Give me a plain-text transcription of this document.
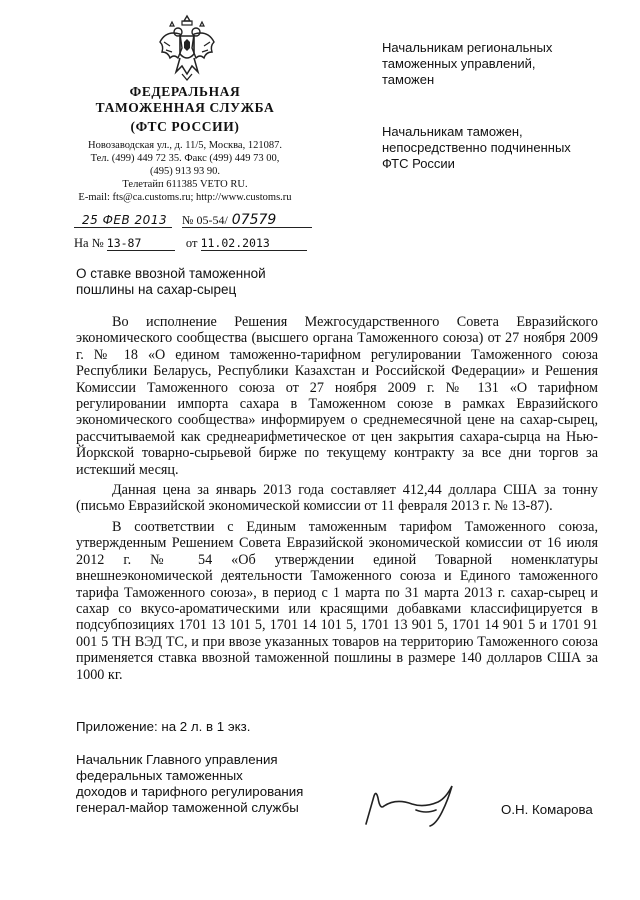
ФЕДЕРАЛЬНАЯ
ТАМОЖЕННАЯ СЛУЖБА
(ФТС РОССИИ)
Новозаводская ул., д. 11/5, Москва, 121087.
Тел. (499) 449 72 35. Факс (499) 449 73 00,
(495) 913 93 90.
Телетайп 611385 VETO RU.
E-mail: fts@ca.customs.ru; http://www.customs.ru
25 ФЕВ 2013	№ 05-54/ 07579
На № 13-87	от 11.02.2013
Начальникам региональных
таможенных управлений,
таможен
Начальникам таможен,
непосредственно подчиненных
ФТС России
О ставке ввозной таможенной
пошлины на сахар-сырец

Во исполнение Решения Межгосударственного Совета Евразийского экономического сообщества (высшего органа Таможенного союза) от 27 ноября 2009 г. № 18 «О едином таможенно-тарифном регулировании Таможенного союза Республики Беларусь, Республики Казахстан и Российской Федерации» и Решения Комиссии Таможенного союза от 27 ноября 2009 г. № 131 «О тарифном регулировании импорта сахара в Таможенном союзе в рамках Евразийского экономического сообщества» информируем о среднемесячной цене на сахар-сырец, рассчитываемой как среднеарифметическое от цен закрытия сахара-сырца на Нью-Йоркской товарно-сырьевой бирже по текущему контракту за все дни торгов за истекший месяц.

Данная цена за январь 2013 года составляет 412,44 доллара США за тонну (письмо Евразийской экономической комиссии от 11 февраля 2013 г. № 13-87).

В соответствии с Единым таможенным тарифом Таможенного союза, утвержденным Решением Совета Евразийской экономической комиссии от 16 июля 2012 г. № 54 «Об утверждении единой Товарной номенклатуры внешнеэкономической деятельности Таможенного союза и Единого таможенного тарифа Таможенного союза», в период с 1 марта по 31 марта 2013 г. сахар-сырец и сахар со вкусо-ароматическими или красящими добавками классифицируется в подсубпозициях 1701 13 101 5, 1701 14 101 5, 1701 13 901 5, 1701 14 901 5 и 1701 91 001 5 ТН ВЭД ТС, и при ввозе указанных товаров на территорию Таможенного союза применяется ставка ввозной таможенной пошлины в размере 140 долларов США за 1000 кг.

Приложение: на 2 л. в 1 экз.
Начальник Главного управления
федеральных таможенных
доходов и тарифного регулирования
генерал-майор таможенной службы	О.Н. Комарова
